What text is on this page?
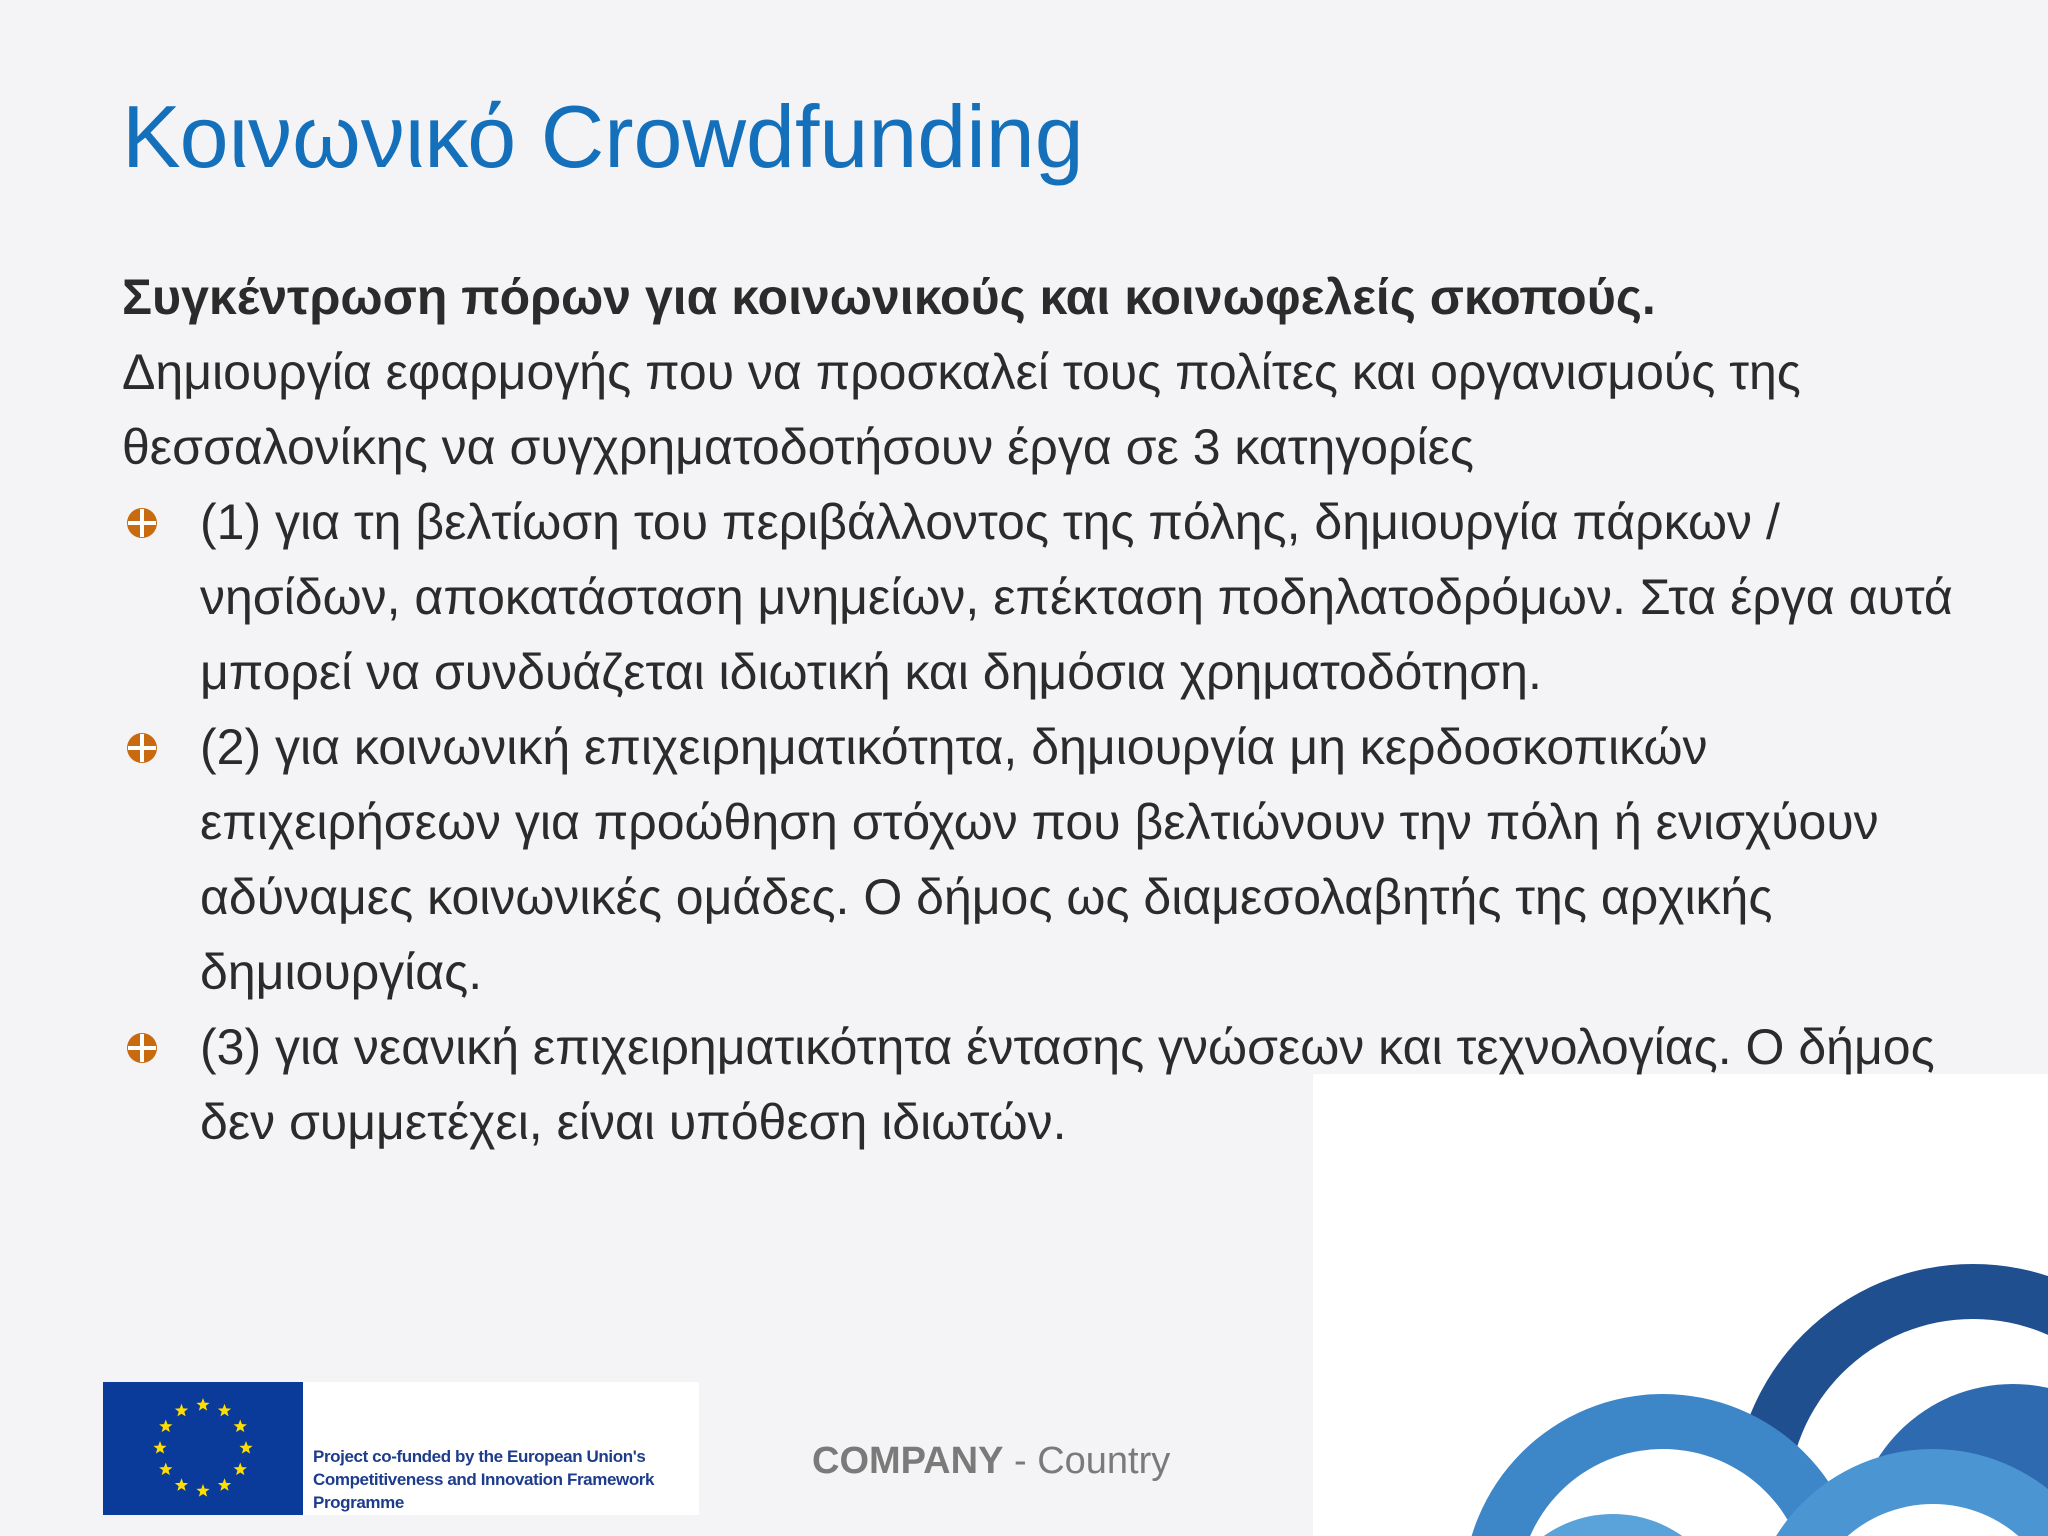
Κοινωνικό Crowdfunding
Συγκέντρωση πόρων για κοινωνικούς και κοινωφελείς σκοπούς.
Δημιουργία εφαρμογής που να προσκαλεί τους πολίτες και οργανισμούς της θεσσαλονίκης να συγχρηματοδοτήσουν έργα σε 3 κατηγορίες
(1) για τη βελτίωση του περιβάλλοντος της πόλης, δημιουργία πάρκων / νησίδων, αποκατάσταση μνημείων, επέκταση ποδηλατοδρόμων. Στα έργα αυτά μπορεί να συνδυάζεται ιδιωτική και δημόσια χρηματοδότηση.
(2) για κοινωνική επιχειρηματικότητα, δημιουργία μη κερδοσκοπικών επιχειρήσεων για προώθηση στόχων που βελτιώνουν την πόλη ή ενισχύουν αδύναμες κοινωνικές ομάδες. Ο δήμος ως διαμεσολαβητής της αρχικής δημιουργίας.
(3) για νεανική επιχειρηματικότητα έντασης γνώσεων και τεχνολογίας. Ο δήμος δεν συμμετέχει, είναι υπόθεση ιδιωτών.
Project co-funded by the European Union's
Competitiveness and Innovation Framework
Programme
COMPANY - Country
